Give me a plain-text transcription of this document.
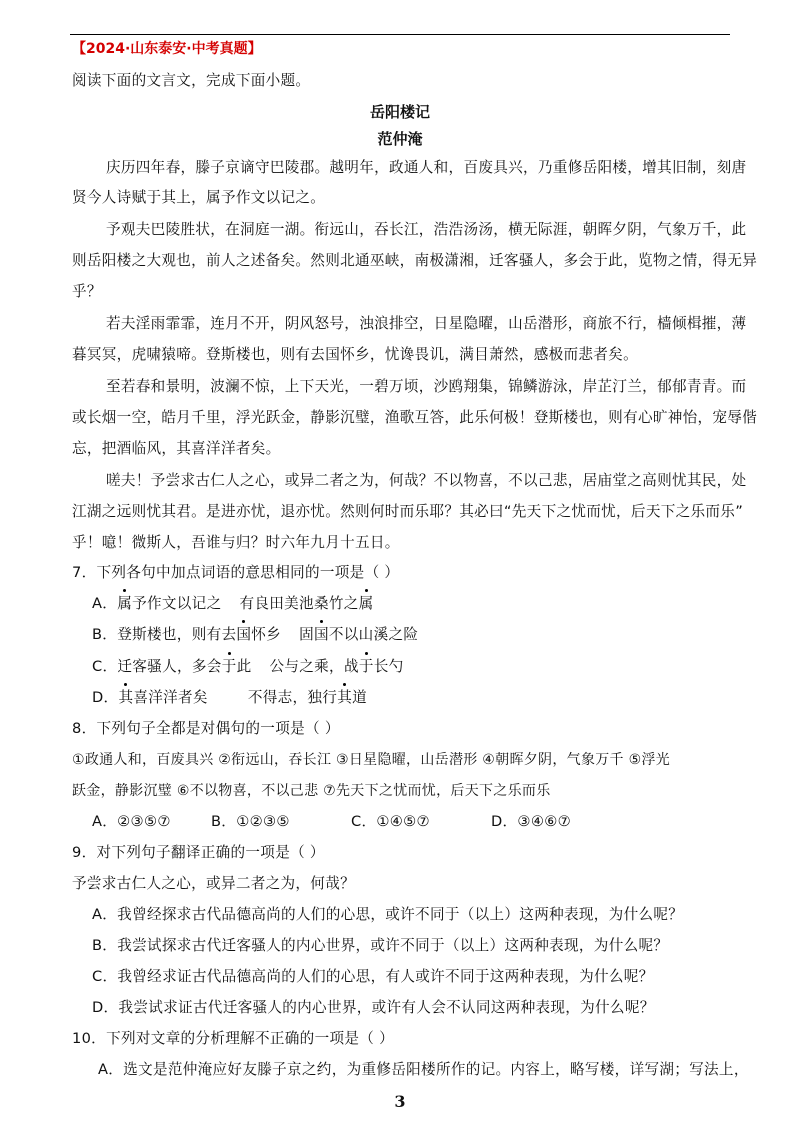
【2024·山东泰安·中考真题】
阅读下面的文言文，完成下面小题。
岳阳楼记
范仲淹
庆历四年春，滕子京谪守巴陵郡。越明年，政通人和，百废具兴，乃重修岳阳楼，增其旧制，刻唐
贤今人诗赋于其上，属予作文以记之。
予观夫巴陵胜状，在洞庭一湖。衔远山，吞长江，浩浩汤汤，横无际涯，朝晖夕阴，气象万千，此
则岳阳楼之大观也，前人之述备矣。然则北通巫峡，南极潇湘，迁客骚人，多会于此，览物之情，得无异
乎？
若夫淫雨霏霏，连月不开，阴风怒号，浊浪排空，日星隐曜，山岳潜形，商旅不行，樯倾楫摧，薄
暮冥冥，虎啸猿啼。登斯楼也，则有去国怀乡，忧谗畏讥，满目萧然，感极而悲者矣。
至若春和景明，波澜不惊，上下天光，一碧万顷，沙鸥翔集，锦鳞游泳，岸芷汀兰，郁郁青青。而
或长烟一空，皓月千里，浮光跃金，静影沉璧，渔歌互答，此乐何极！登斯楼也，则有心旷神怡，宠辱偕
忘，把酒临风，其喜洋洋者矣。
嗟夫！予尝求古仁人之心，或异二者之为，何哉？不以物喜，不以己悲，居庙堂之高则忧其民，处
江湖之远则忧其君。是进亦忧，退亦忧。然则何时而乐耶？其必曰“先天下之忧而忧，后天下之乐而乐”
乎！噫！微斯人，吾谁与归？时六年九月十五日。
7．下列各句中加点词语的意思相同的一项是（ ）
A．属予作文以记之 有良田美池桑竹之属
B．登斯楼也，则有去国怀乡 固国不以山溪之险
C．迁客骚人，多会于此 公与之乘，战于长勺
D．其喜洋洋者矣	不得志，独行其道
8．下列句子全都是对偶句的一项是（ ）
①政通人和，百废具兴 ②衔远山，吞长江 ③日星隐曜，山岳潜形 ④朝晖夕阴，气象万千 ⑤浮光
跃金，静影沉璧 ⑥不以物喜，不以己悲 ⑦先天下之忧而忧，后天下之乐而乐
A．②③⑤⑦	B．①②③⑤	C．①④⑤⑦	D．③④⑥⑦
9．对下列句子翻译正确的一项是（ ）
予尝求古仁人之心，或异二者之为，何哉？
A．我曾经探求古代品德高尚的人们的心思，或许不同于（以上）这两种表现，为什么呢？
B．我尝试探求古代迁客骚人的内心世界，或许不同于（以上）这两种表现，为什么呢？
C．我曾经求证古代品德高尚的人们的心思，有人或许不同于这两种表现，为什么呢？
D．我尝试求证古代迁客骚人的内心世界，或许有人会不认同这两种表现，为什么呢？
10．下列对文章的分析理解不正确的一项是（ ）
A．选文是范仲淹应好友滕子京之约，为重修岳阳楼所作的记。内容上，略写楼，详写湖；写法上，
3
